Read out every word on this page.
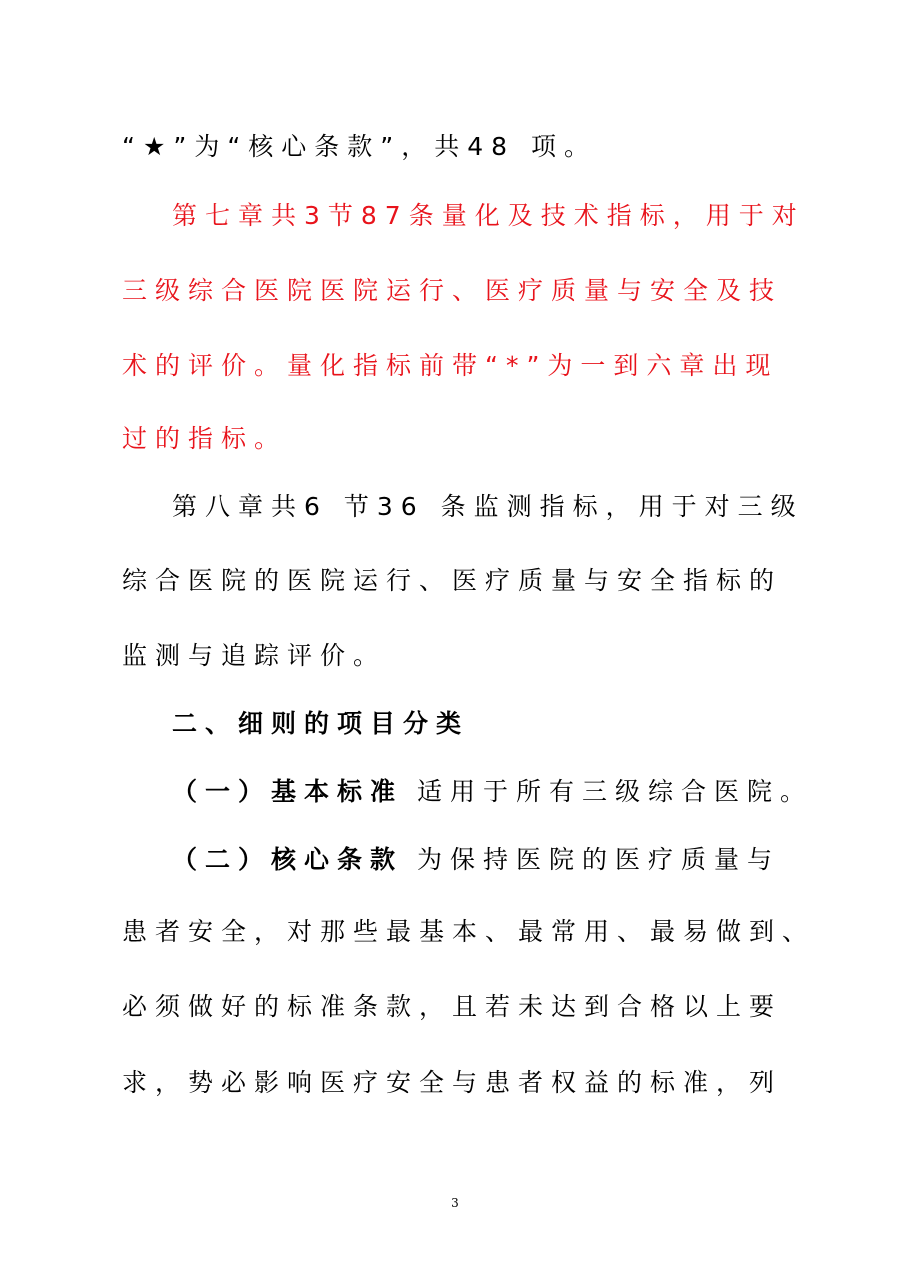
“★”为“核心条款”，共48 项。
第七章共3节87条量化及技术指标，用于对
三级综合医院医院运行、医疗质量与安全及技
术的评价。量化指标前带“*”为一到六章出现
过的指标。
第八章共6 节36 条监测指标，用于对三级
综合医院的医院运行、医疗质量与安全指标的
监测与追踪评价。
二、细则的项目分类
（一）基本标准 适用于所有三级综合医院。
（二）核心条款 为保持医院的医疗质量与
患者安全，对那些最基本、最常用、最易做到、
必须做好的标准条款，且若未达到合格以上要
求，势必影响医疗安全与患者权益的标准，列
3
